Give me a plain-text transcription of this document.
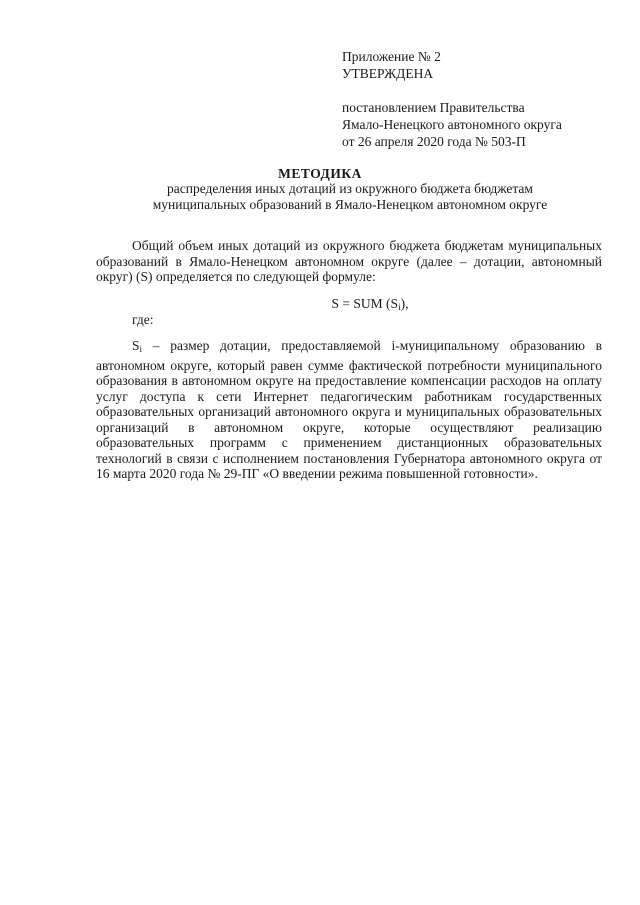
Приложение № 2
УТВЕРЖДЕНА
постановлением Правительства
Ямало-Ненецкого автономного округа
от 26 апреля 2020 года № 503-П
МЕТОДИКА
распределения иных дотаций из окружного бюджета бюджетам
муниципальных образований в Ямало-Ненецком автономном округе
Общий объем иных дотаций из окружного бюджета бюджетам муниципальных образований в Ямало-Ненецком автономном округе (далее – дотации, автономный округ) (S) определяется по следующей формуле:
S = SUM $(S_i)$,
где:
$S_i$ – размер дотации, предоставляемой i-муниципальному образованию в автономном округе, который равен сумме фактической потребности муниципального образования в автономном округе на предоставление компенсации расходов на оплату услуг доступа к сети Интернет педагогическим работникам государственных образовательных организаций автономного округа и муниципальных образовательных организаций в автономном округе, которые осуществляют реализацию образовательных программ с применением дистанционных образовательных технологий в связи с исполнением постановления Губернатора автономного округа от 16 марта 2020 года № 29-ПГ «О введении режима повышенной готовности».
